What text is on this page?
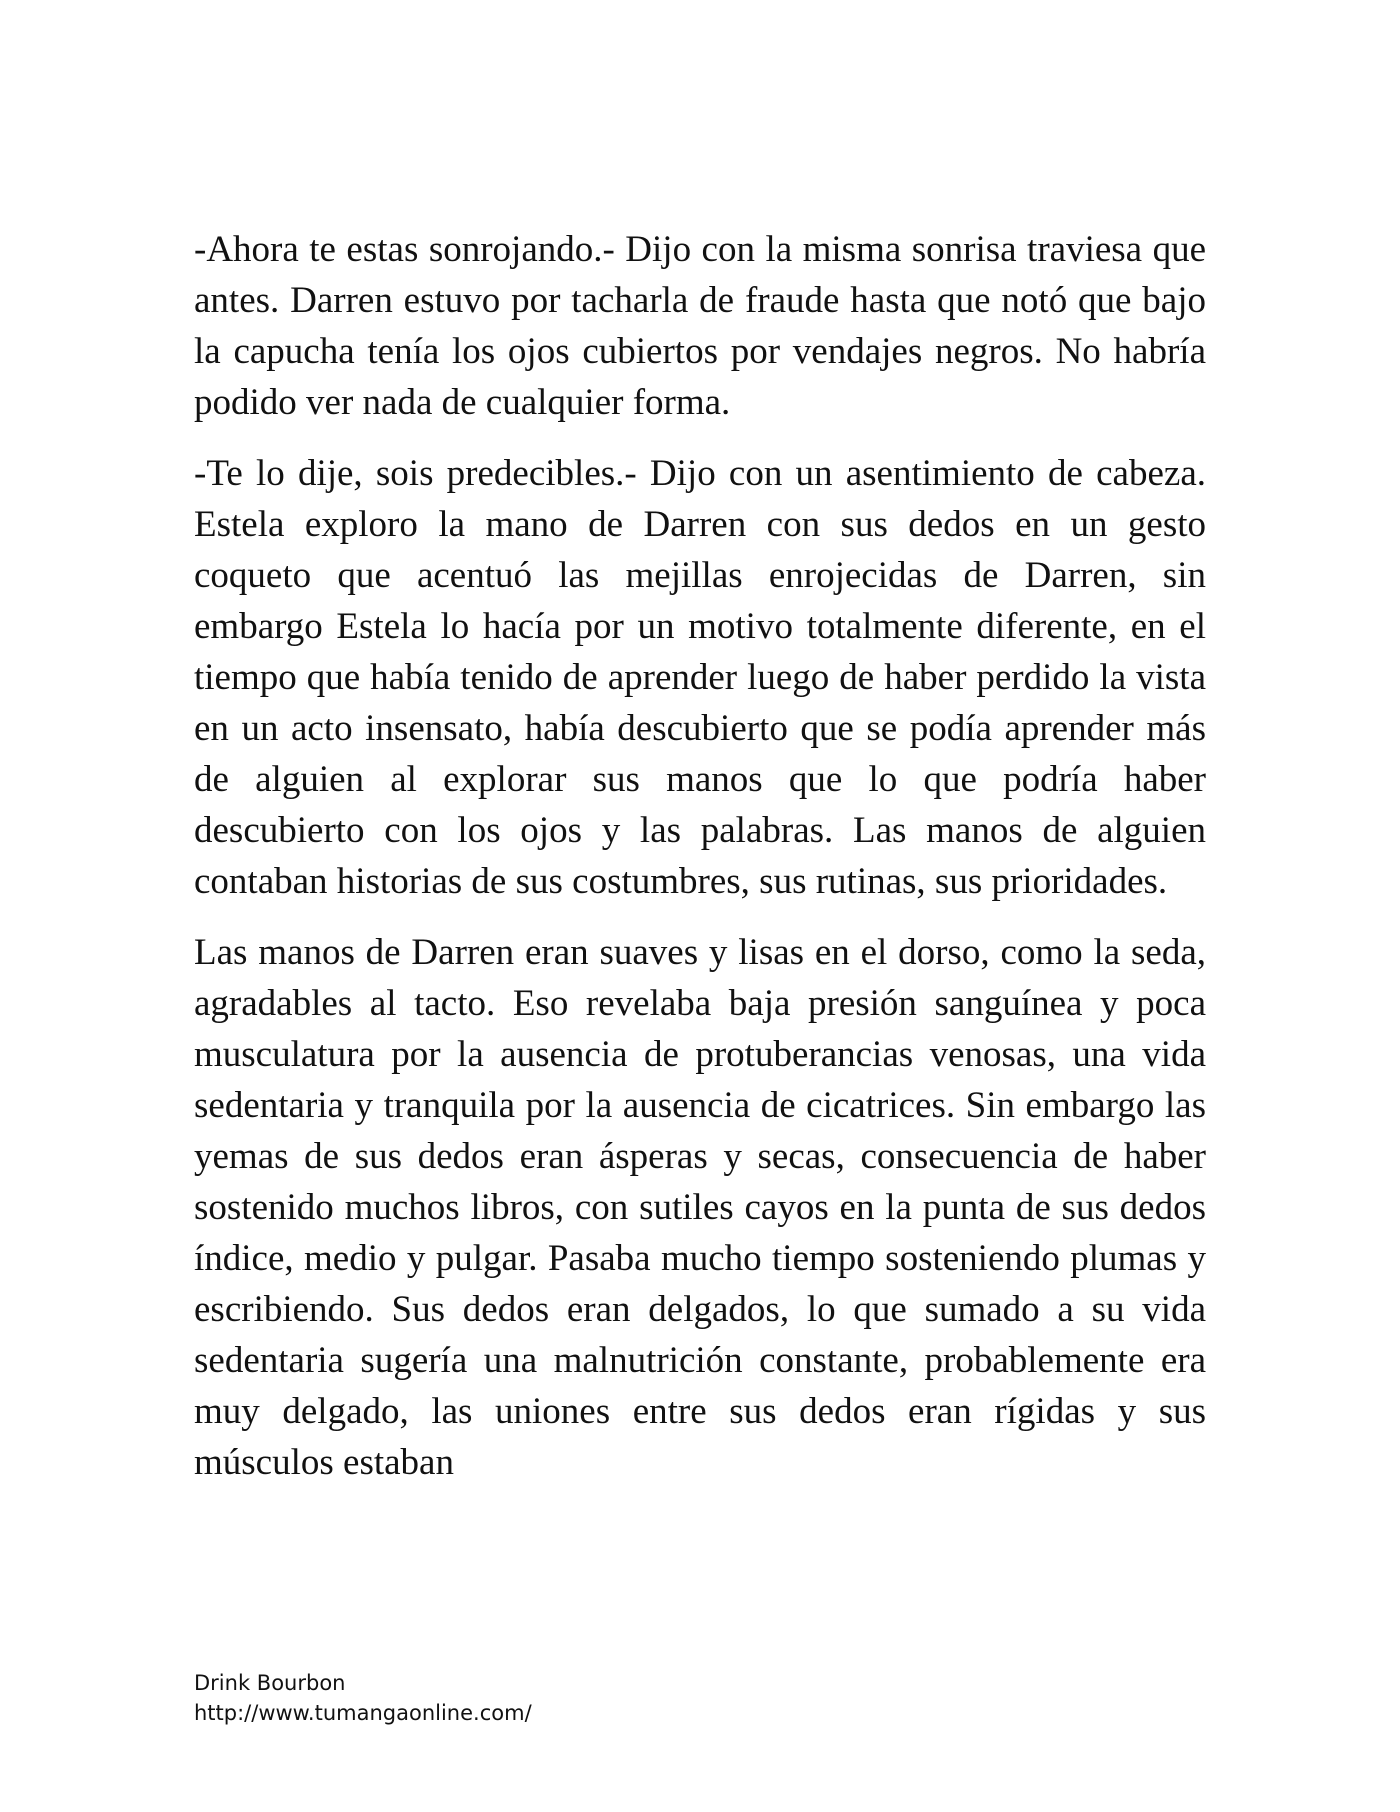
-Ahora te estas sonrojando.- Dijo con la misma sonrisa traviesa que antes. Darren estuvo por tacharla de fraude hasta que notó que bajo la capucha tenía los ojos cubiertos por vendajes negros. No habría podido ver nada de cualquier forma.

-Te lo dije, sois predecibles.- Dijo con un asentimiento de cabeza. Estela exploro la mano de Darren con sus dedos en un gesto coqueto que acentuó las mejillas enrojecidas de Darren, sin embargo Estela lo hacía por un motivo totalmente diferente, en el tiempo que había tenido de aprender luego de haber perdido la vista en un acto insensato, había descubierto que se podía aprender más de alguien al explorar sus manos que lo que podría haber descubierto con los ojos y las palabras. Las manos de alguien contaban historias de sus costumbres, sus rutinas, sus prioridades.

Las manos de Darren eran suaves y lisas en el dorso, como la seda, agradables al tacto. Eso revelaba baja presión sanguínea y poca musculatura por la ausencia de protuberancias venosas, una vida sedentaria y tranquila por la ausencia de cicatrices. Sin embargo las yemas de sus dedos eran ásperas y secas, consecuencia de haber sostenido muchos libros, con sutiles cayos en la punta de sus dedos índice, medio y pulgar. Pasaba mucho tiempo sosteniendo plumas y escribiendo. Sus dedos eran delgados, lo que sumado a su vida sedentaria sugería una malnutrición constante, probablemente era muy delgado, las uniones entre sus dedos eran rígidas y sus músculos estaban

Drink Bourbon
http://www.tumangaonline.com/
